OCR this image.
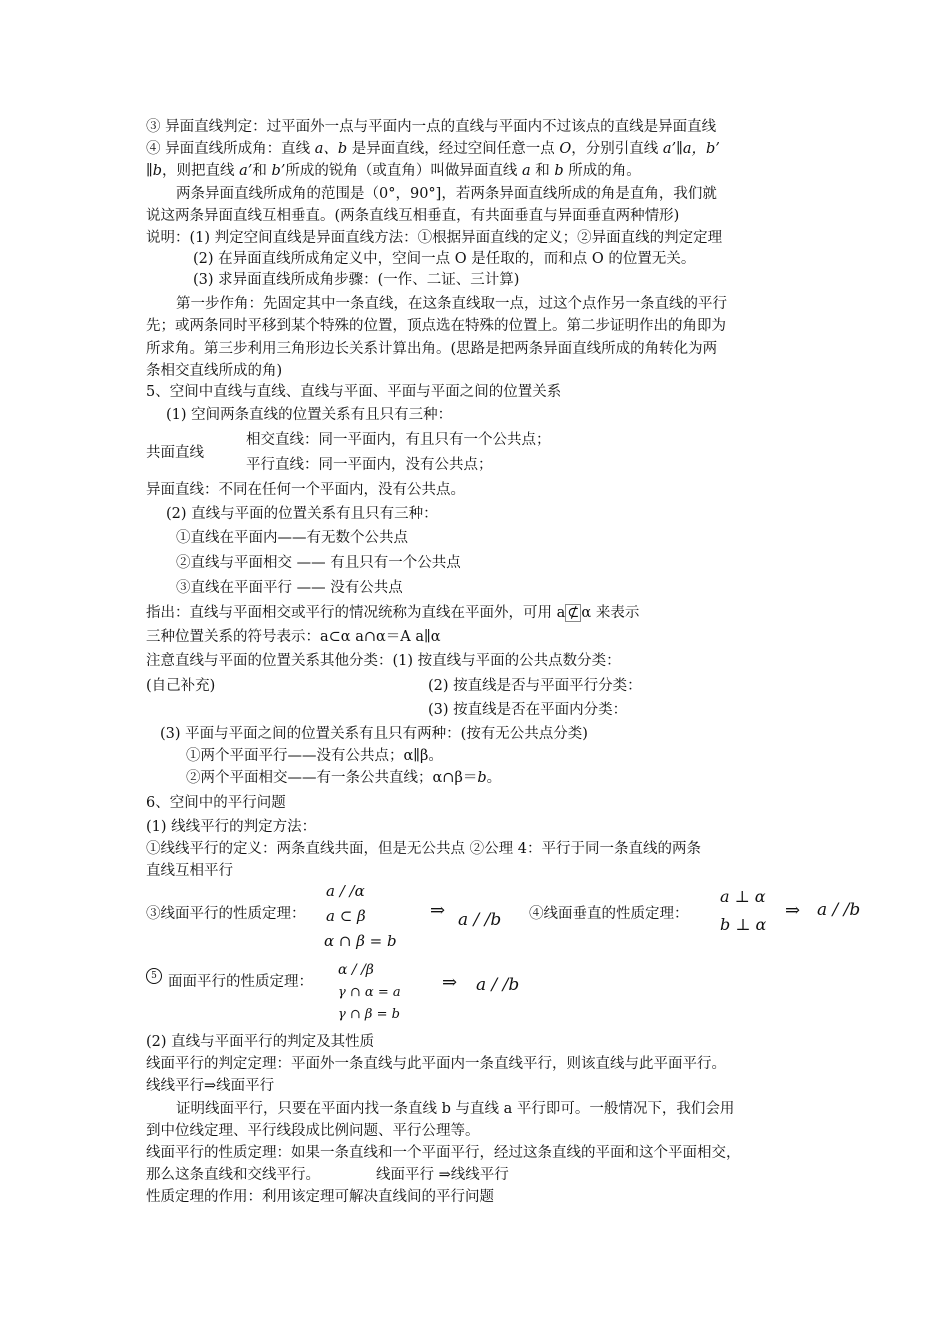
③ 异面直线判定：过平面外一点与平面内一点的直线与平面内不过该点的直线是异面直线
④ 异面直线所成角：直线 a、b 是异面直线，经过空间任意一点 O，分别引直线 a’∥a，b’
∥b，则把直线 a’和 b’所成的锐角（或直角）叫做异面直线 a 和 b 所成的角。
两条异面直线所成角的范围是（0°，90°]，若两条异面直线所成的角是直角，我们就
说这两条异面直线互相垂直。(两条直线互相垂直，有共面垂直与异面垂直两种情形)
说明：(1) 判定空间直线是异面直线方法：①根据异面直线的定义；②异面直线的判定定理
(2) 在异面直线所成角定义中，空间一点 O 是任取的，而和点 O 的位置无关。
(3) 求异面直线所成角步骤：(一作、二证、三计算)
第一步作角：先固定其中一条直线，在这条直线取一点，过这个点作另一条直线的平行
先；或两条同时平移到某个特殊的位置，顶点选在特殊的位置上。第二步证明作出的角即为
所求角。第三步利用三角形边长关系计算出角。(思路是把两条异面直线所成的角转化为两
条相交直线所成的角)
5、空间中直线与直线、直线与平面、平面与平面之间的位置关系
(1) 空间两条直线的位置关系有且只有三种：
相交直线：同一平面内，有且只有一个公共点；
共面直线
平行直线：同一平面内，没有公共点；
异面直线：不同在任何一个平面内，没有公共点。
(2) 直线与平面的位置关系有且只有三种：
①直线在平面内——有无数个公共点
②直线与平面相交 —— 有且只有一个公共点
③直线在平面平行 —— 没有公共点
指出：直线与平面相交或平行的情况统称为直线在平面外，可用 a ⊄ α 来表示
三种位置关系的符号表示：a⊂α a∩α＝A a∥α
注意直线与平面的位置关系其他分类：(1) 按直线与平面的公共点数分类：
(自己补充)	(2) 按直线是否与平面平行分类：
(3) 按直线是否在平面内分类：
(3) 平面与平面之间的位置关系有且只有两种：(按有无公共点分类)
①两个平面平行——没有公共点；α∥β。
②两个平面相交——有一条公共直线；α∩β＝b。
6、空间中的平行问题
(1) 线线平行的判定方法：
①线线平行的定义：两条直线共面，但是无公共点 ②公理 4：平行于同一条直线的两条
直线互相平行
③线面平行的性质定理：
a / /α
a ⊂ β
α ∩ β = b
⇒ a / /b ④线面垂直的性质定理：
a ⊥ α
b ⊥ α
⇒ a / /b
5 面面平行的性质定理：
α / /β
γ ∩ α = a
γ ∩ β = b
⇒ a / /b
(2) 直线与平面平行的判定及其性质
线面平行的判定定理：平面外一条直线与此平面内一条直线平行，则该直线与此平面平行。
线线平行⇒线面平行
证明线面平行，只要在平面内找一条直线 b 与直线 a 平行即可。一般情况下，我们会用
到中位线定理、平行线段成比例问题、平行公理等。
线面平行的性质定理：如果一条直线和一个平面平行，经过这条直线的平面和这个平面相交，
那么这条直线和交线平行。	线面平行 ⇒线线平行
性质定理的作用：利用该定理可解决直线间的平行问题
